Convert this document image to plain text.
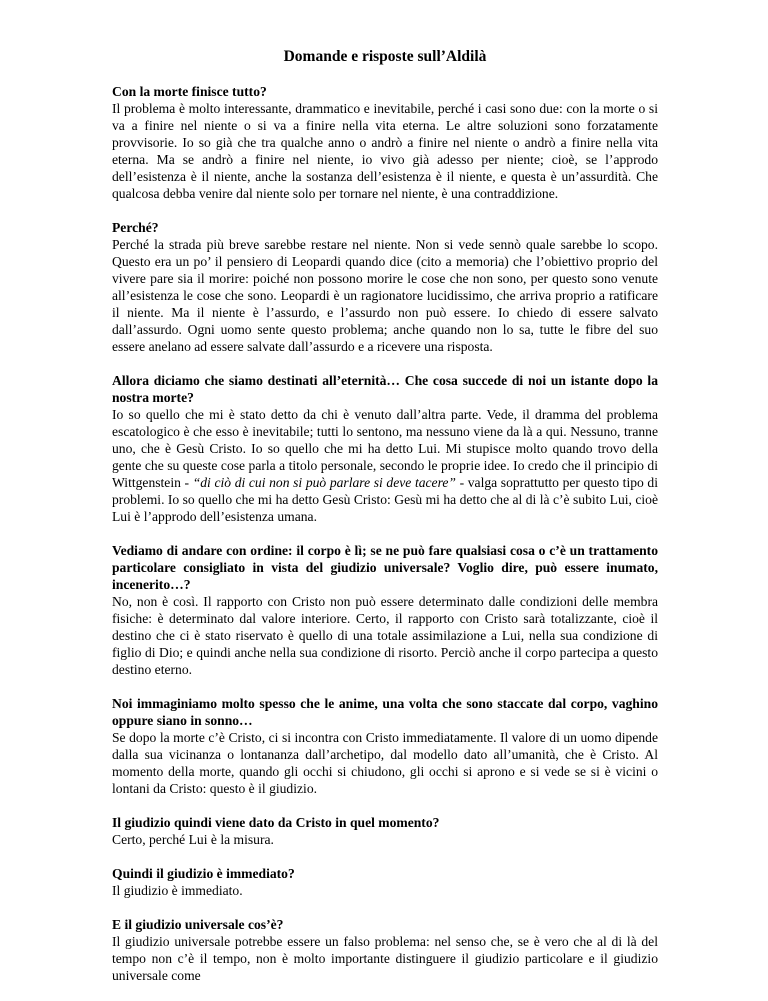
Domande e risposte sull’Aldilà

Con la morte finisce tutto?

Il problema è molto interessante, drammatico e inevitabile, perché i casi sono due: con la morte o si va a finire nel niente o si va a finire nella vita eterna. Le altre soluzioni sono forzatamente provvisorie. Io so già che tra qualche anno o andrò a finire nel niente o andrò a finire nella vita eterna. Ma se andrò a finire nel niente, io vivo già adesso per niente; cioè, se l’approdo dell’esistenza è il niente, anche la sostanza dell’esistenza è il niente, e questa è un’assurdità. Che qualcosa debba venire dal niente solo per tornare nel niente, è una contraddizione.

Perché?

Perché la strada più breve sarebbe restare nel niente. Non si vede sennò quale sarebbe lo scopo. Questo era un po’ il pensiero di Leopardi quando dice (cito a memoria) che l’obiettivo proprio del vivere pare sia il morire: poiché non possono morire le cose che non sono, per questo sono venute all’esistenza le cose che sono. Leopardi è un ragionatore lucidissimo, che arriva proprio a ratificare il niente. Ma il niente è l’assurdo, e l’assurdo non può essere. Io chiedo di essere salvato dall’assurdo. Ogni uomo sente questo problema; anche quando non lo sa, tutte le fibre del suo essere anelano ad essere salvate dall’assurdo e a ricevere una risposta.

Allora diciamo che siamo destinati all’eternità… Che cosa succede di noi un istante dopo la nostra morte?

Io so quello che mi è stato detto da chi è venuto dall’altra parte. Vede, il dramma del problema escatologico è che esso è inevitabile; tutti lo sentono, ma nessuno viene da là a qui. Nessuno, tranne uno, che è Gesù Cristo. Io so quello che mi ha detto Lui. Mi stupisce molto quando trovo della gente che su queste cose parla a titolo personale, secondo le proprie idee. Io credo che il principio di Wittgenstein - “di ciò di cui non si può parlare si deve tacere” - valga soprattutto per questo tipo di problemi. Io so quello che mi ha detto Gesù Cristo: Gesù mi ha detto che al di là c’è subito Lui, cioè Lui è l’approdo dell’esistenza umana.

Vediamo di andare con ordine: il corpo è lì; se ne può fare qualsiasi cosa o c’è un trattamento particolare consigliato in vista del giudizio universale? Voglio dire, può essere inumato, incenerito…?

No, non è così. Il rapporto con Cristo non può essere determinato dalle condizioni delle membra fisiche: è determinato dal valore interiore. Certo, il rapporto con Cristo sarà totalizzante, cioè il destino che ci è stato riservato è quello di una totale assimilazione a Lui, nella sua condizione di figlio di Dio; e quindi anche nella sua condizione di risorto. Perciò anche il corpo partecipa a questo destino eterno.

Noi immaginiamo molto spesso che le anime, una volta che sono staccate dal corpo, vaghino oppure siano in sonno…

Se dopo la morte c’è Cristo, ci si incontra con Cristo immediatamente. Il valore di un uomo dipende dalla sua vicinanza o lontananza dall’archetipo, dal modello dato all’umanità, che è Cristo. Al momento della morte, quando gli occhi si chiudono, gli occhi si aprono e si vede se si è vicini o lontani da Cristo: questo è il giudizio.

Il giudizio quindi viene dato da Cristo in quel momento?

Certo, perché Lui è la misura.

Quindi il giudizio è immediato?

Il giudizio è immediato.

E il giudizio universale cos’è?

Il giudizio universale potrebbe essere un falso problema: nel senso che, se è vero che al di là del tempo non c’è il tempo, non è molto importante distinguere il giudizio particolare e il giudizio universale come
